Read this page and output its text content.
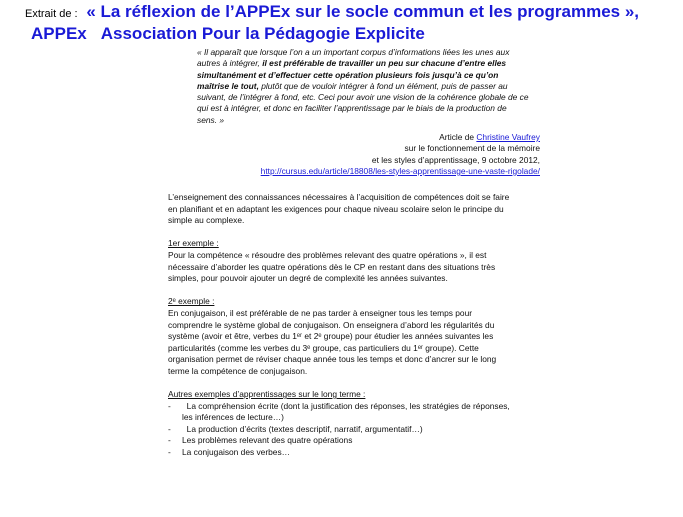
Extrait de : « La réflexion de l’APPEx sur le socle commun et les programmes »,
APPEx Association Pour la Pédagogie Explicite
« Il apparaît que lorsque l’on a un important corpus d’informations liées les unes aux
autres à intégrer, il est préférable de travailler un peu sur chacune d’entre elles
simultanément et d’effectuer cette opération plusieurs fois jusqu’à ce qu’on
maîtrise le tout, plutôt que de vouloir intégrer à fond un élément, puis de passer au
suivant, de l’intégrer à fond, etc. Ceci pour avoir une vision de la cohérence globale de ce
qui est à intégrer, et donc en faciliter l’apprentissage par le biais de la production de
sens. »
Article de Christine Vaufrey
sur le fonctionnement de la mémoire
et les styles d’apprentissage, 9 octobre 2012,
http://cursus.edu/article/18808/les-styles-apprentissage-une-vaste-rigolade/

L’enseignement des connaissances nécessaires à l’acquisition de compétences doit se faire
en planifiant et en adaptant les exigences pour chaque niveau scolaire selon le principe du
simple au complexe.

1er exemple :

Pour la compétence « résoudre des problèmes relevant des quatre opérations », il est
nécessaire d’aborder les quatre opérations dès le CP en restant dans des situations très
simples, pour pouvoir ajouter un degré de complexité les années suivantes.

2ᵉ exemple :

En conjugaison, il est préférable de ne pas tarder à enseigner tous les temps pour
comprendre le système global de conjugaison. On enseignera d’abord les régularités du
système (avoir et être, verbes du 1ᵉʳ et 2ᵉ groupe) pour étudier les années suivantes les
particularités (comme les verbes du 3ᵉ groupe, cas particuliers du 1ᵉʳ groupe). Cette
organisation permet de réviser chaque année tous les temps et donc d’ancrer sur le long
terme la compétence de conjugaison.

Autres exemples d’apprentissages sur le long terme :

-	La compréhension écrite (dont la justification des réponses, les stratégies de réponses,
les inférences de lecture…)
-	La production d’écrits (textes descriptif, narratif, argumentatif…)
-	Les problèmes relevant des quatre opérations
-	La conjugaison des verbes…
